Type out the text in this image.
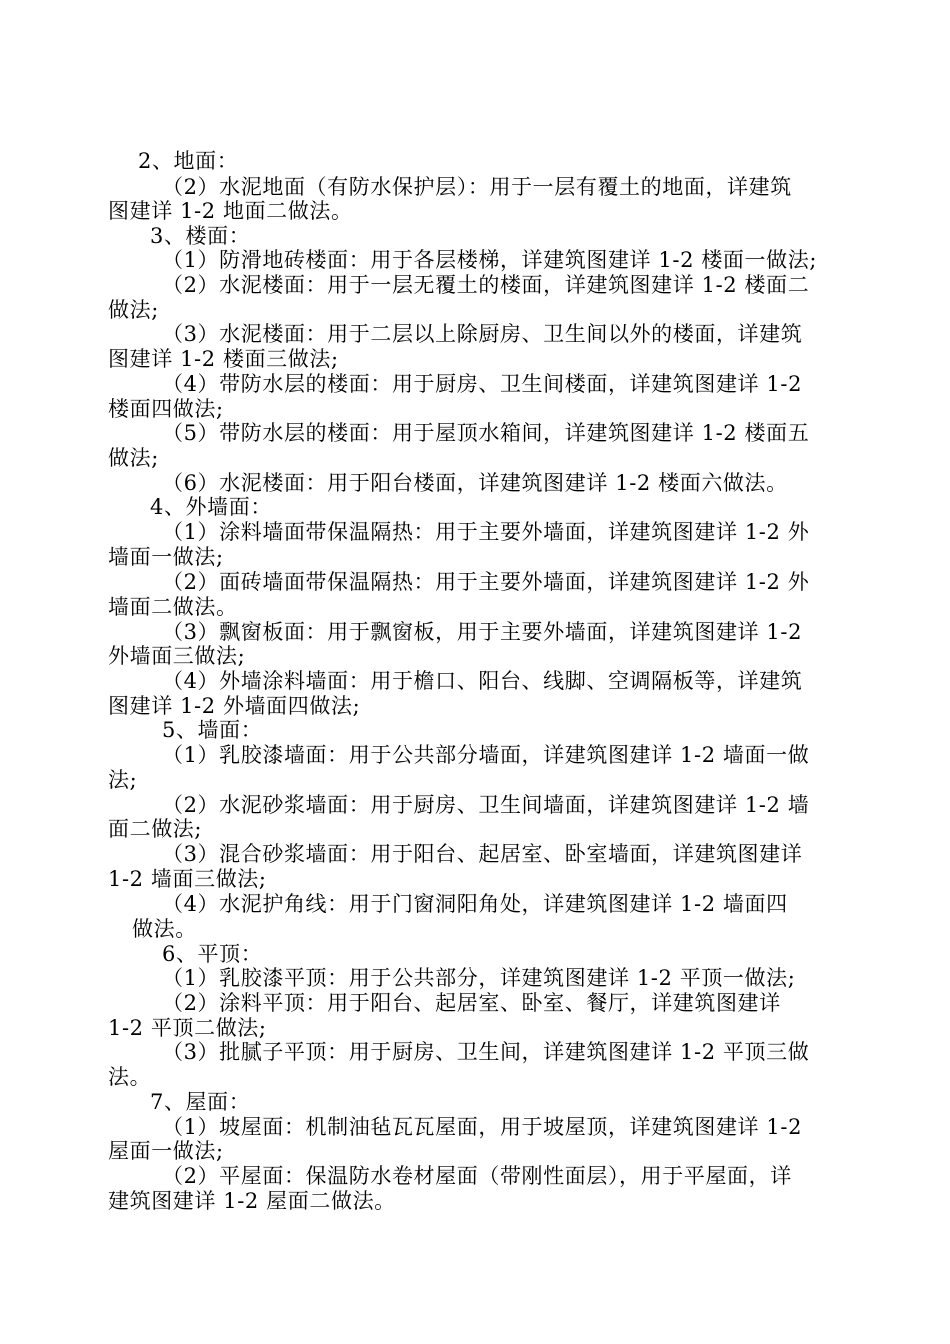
2、地面：
（2）水泥地面（有防水保护层）：用于一层有覆土的地面，详建筑
图建详 1-2 地面二做法。
3、楼面：
（1）防滑地砖楼面：用于各层楼梯，详建筑图建详 1-2 楼面一做法;
（2）水泥楼面：用于一层无覆土的楼面，详建筑图建详 1-2 楼面二
做法;
（3）水泥楼面：用于二层以上除厨房、卫生间以外的楼面，详建筑
图建详 1-2 楼面三做法;
（4）带防水层的楼面：用于厨房、卫生间楼面，详建筑图建详 1-2
楼面四做法;
（5）带防水层的楼面：用于屋顶水箱间，详建筑图建详 1-2 楼面五
做法;
（6）水泥楼面：用于阳台楼面，详建筑图建详 1-2 楼面六做法。
4、外墙面：
（1）涂料墙面带保温隔热：用于主要外墙面，详建筑图建详 1-2 外
墙面一做法;
（2）面砖墙面带保温隔热：用于主要外墙面，详建筑图建详 1-2 外
墙面二做法。
（3）飘窗板面：用于飘窗板，用于主要外墙面，详建筑图建详 1-2
外墙面三做法;
（4）外墙涂料墙面：用于檐口、阳台、线脚、空调隔板等，详建筑
图建详 1-2 外墙面四做法;
5、墙面：
（1）乳胶漆墙面：用于公共部分墙面，详建筑图建详 1-2 墙面一做
法;
（2）水泥砂浆墙面：用于厨房、卫生间墙面，详建筑图建详 1-2 墙
面二做法;
（3）混合砂浆墙面：用于阳台、起居室、卧室墙面，详建筑图建详
1-2 墙面三做法;
（4）水泥护角线：用于门窗洞阳角处，详建筑图建详 1-2 墙面四
做法。
6、平顶：
（1）乳胶漆平顶：用于公共部分，详建筑图建详 1-2 平顶一做法;
（2）涂料平顶：用于阳台、起居室、卧室、餐厅，详建筑图建详
1-2 平顶二做法;
（3）批腻子平顶：用于厨房、卫生间，详建筑图建详 1-2 平顶三做
法。
7、屋面：
（1）坡屋面：机制油毡瓦瓦屋面，用于坡屋顶，详建筑图建详 1-2
屋面一做法;
（2）平屋面：保温防水卷材屋面（带刚性面层），用于平屋面，详
建筑图建详 1-2 屋面二做法。
